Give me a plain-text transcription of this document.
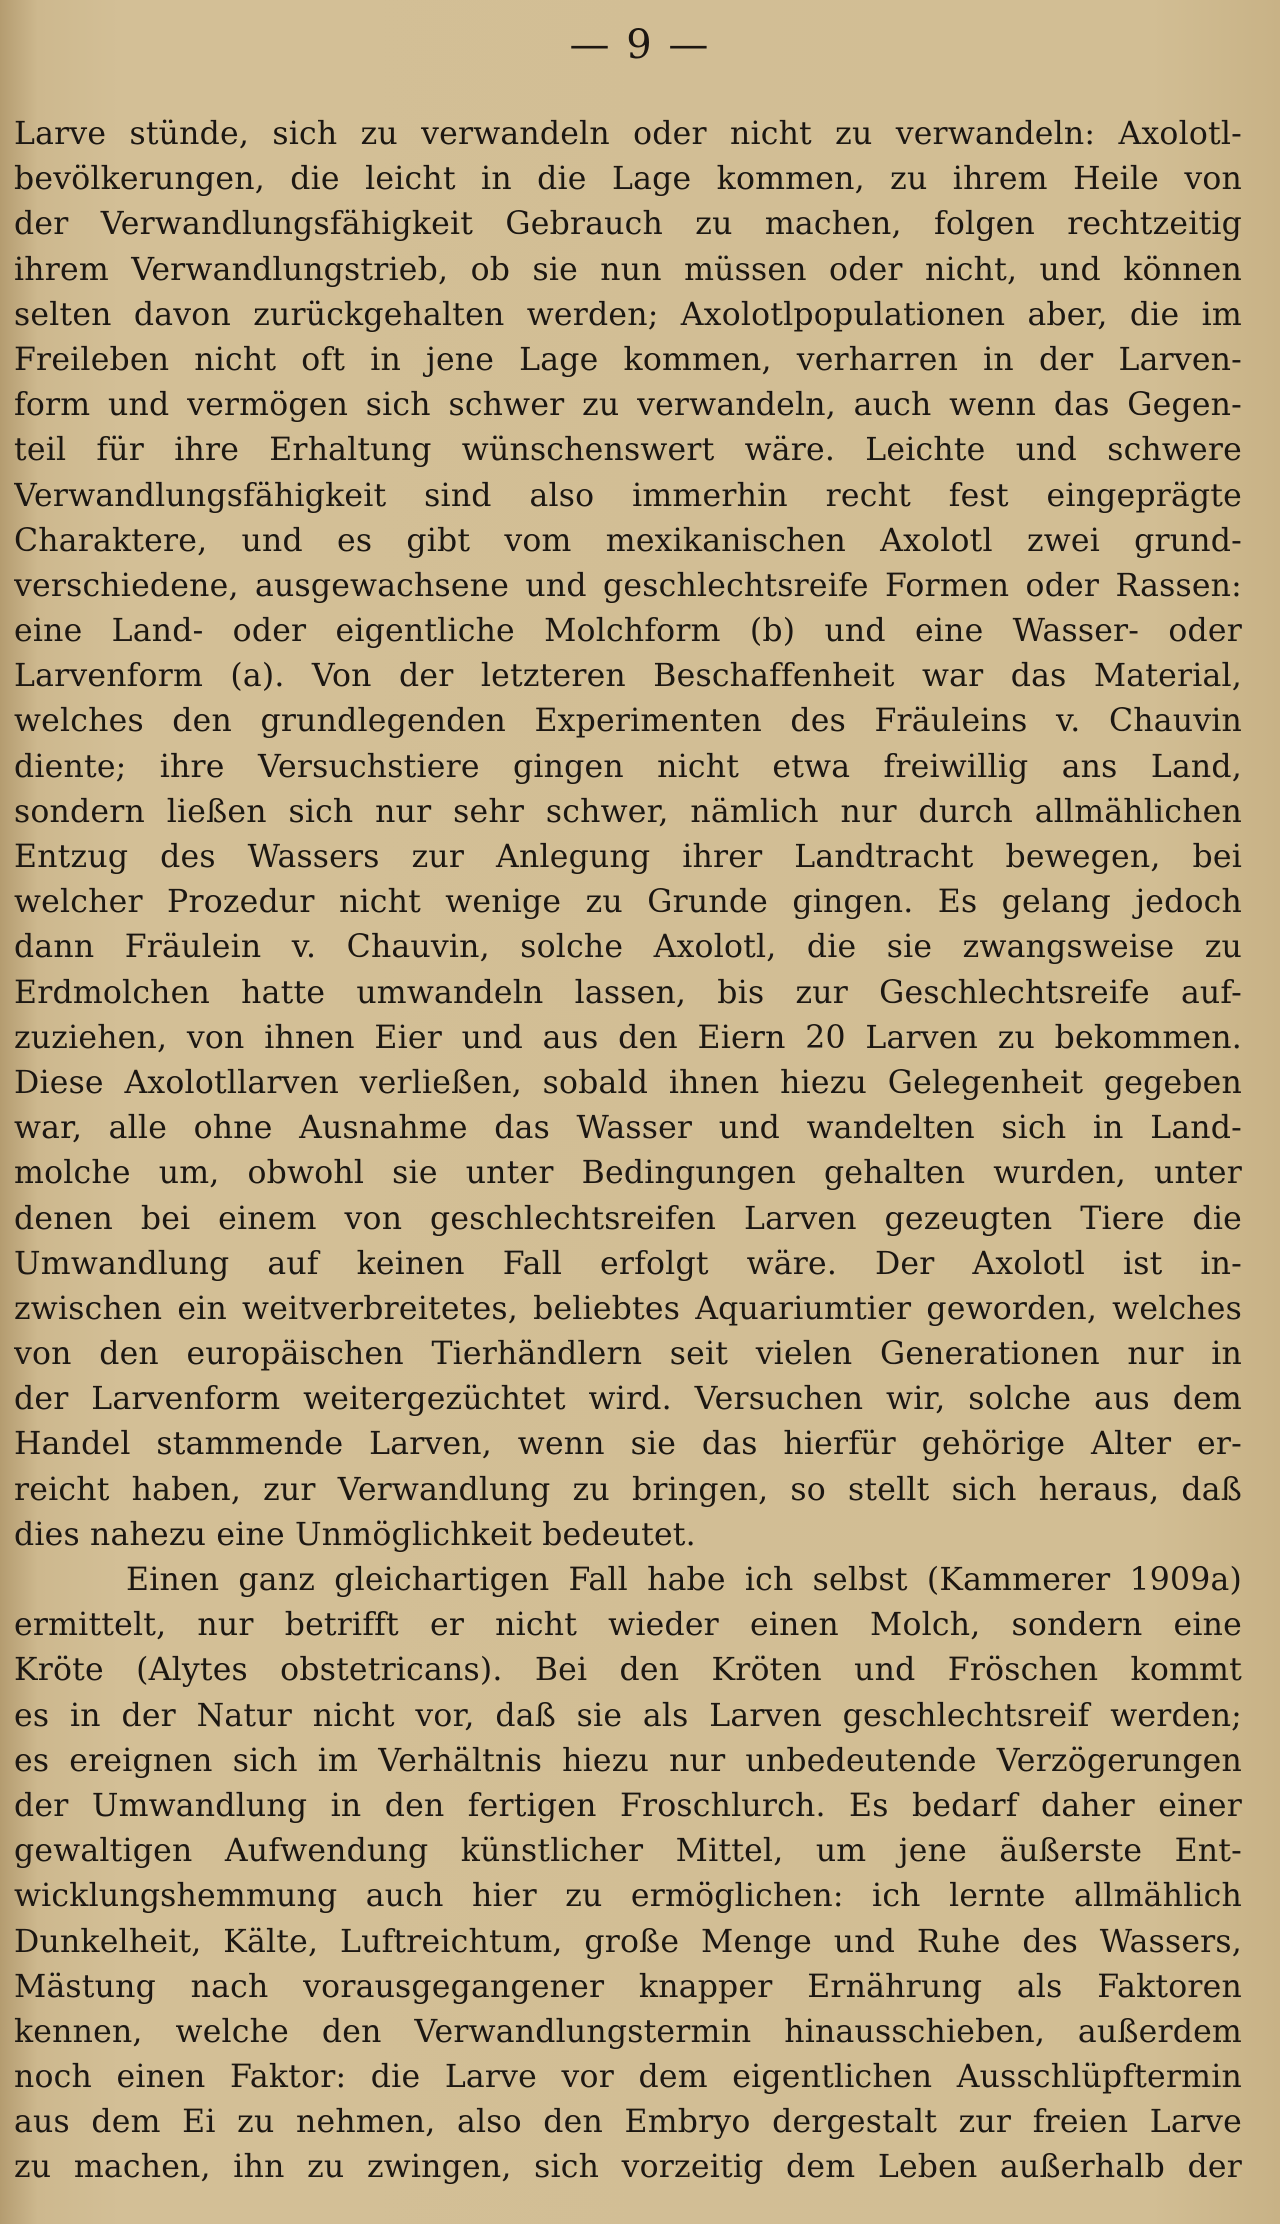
— 9 —
Larve stünde, sich zu verwandeln oder nicht zu verwandeln: Axolotl-
bevölkerungen, die leicht in die Lage kommen, zu ihrem Heile von
der Verwandlungsfähigkeit Gebrauch zu machen, folgen rechtzeitig
ihrem Verwandlungstrieb, ob sie nun müssen oder nicht, und können
selten davon zurückgehalten werden; Axolotlpopulationen aber, die im
Freileben nicht oft in jene Lage kommen, verharren in der Larven-
form und vermögen sich schwer zu verwandeln, auch wenn das Gegen-
teil für ihre Erhaltung wünschenswert wäre. Leichte und schwere
Verwandlungsfähigkeit sind also immerhin recht fest eingeprägte
Charaktere, und es gibt vom mexikanischen Axolotl zwei grund-
verschiedene, ausgewachsene und geschlechtsreife Formen oder Rassen:
eine Land- oder eigentliche Molchform (b) und eine Wasser- oder
Larvenform (a). Von der letzteren Beschaffenheit war das Material,
welches den grundlegenden Experimenten des Fräuleins v. Chauvin
diente; ihre Versuchstiere gingen nicht etwa freiwillig ans Land,
sondern ließen sich nur sehr schwer, nämlich nur durch allmählichen
Entzug des Wassers zur Anlegung ihrer Landtracht bewegen, bei
welcher Prozedur nicht wenige zu Grunde gingen. Es gelang jedoch
dann Fräulein v. Chauvin, solche Axolotl, die sie zwangsweise zu
Erdmolchen hatte umwandeln lassen, bis zur Geschlechtsreife auf-
zuziehen, von ihnen Eier und aus den Eiern 20 Larven zu bekommen.
Diese Axolotllarven verließen, sobald ihnen hiezu Gelegenheit gegeben
war, alle ohne Ausnahme das Wasser und wandelten sich in Land-
molche um, obwohl sie unter Bedingungen gehalten wurden, unter
denen bei einem von geschlechtsreifen Larven gezeugten Tiere die
Umwandlung auf keinen Fall erfolgt wäre. Der Axolotl ist in-
zwischen ein weitverbreitetes, beliebtes Aquariumtier geworden, welches
von den europäischen Tierhändlern seit vielen Generationen nur in
der Larvenform weitergezüchtet wird. Versuchen wir, solche aus dem
Handel stammende Larven, wenn sie das hierfür gehörige Alter er-
reicht haben, zur Verwandlung zu bringen, so stellt sich heraus, daß
dies nahezu eine Unmöglichkeit bedeutet.
Einen ganz gleichartigen Fall habe ich selbst (Kammerer 1909a)
ermittelt, nur betrifft er nicht wieder einen Molch, sondern eine
Kröte (Alytes obstetricans). Bei den Kröten und Fröschen kommt
es in der Natur nicht vor, daß sie als Larven geschlechtsreif werden;
es ereignen sich im Verhältnis hiezu nur unbedeutende Verzögerungen
der Umwandlung in den fertigen Froschlurch. Es bedarf daher einer
gewaltigen Aufwendung künstlicher Mittel, um jene äußerste Ent-
wicklungshemmung auch hier zu ermöglichen: ich lernte allmählich
Dunkelheit, Kälte, Luftreichtum, große Menge und Ruhe des Wassers,
Mästung nach vorausgegangener knapper Ernährung als Faktoren
kennen, welche den Verwandlungstermin hinausschieben, außerdem
noch einen Faktor: die Larve vor dem eigentlichen Ausschlüpftermin
aus dem Ei zu nehmen, also den Embryo dergestalt zur freien Larve
zu machen, ihn zu zwingen, sich vorzeitig dem Leben außerhalb der
